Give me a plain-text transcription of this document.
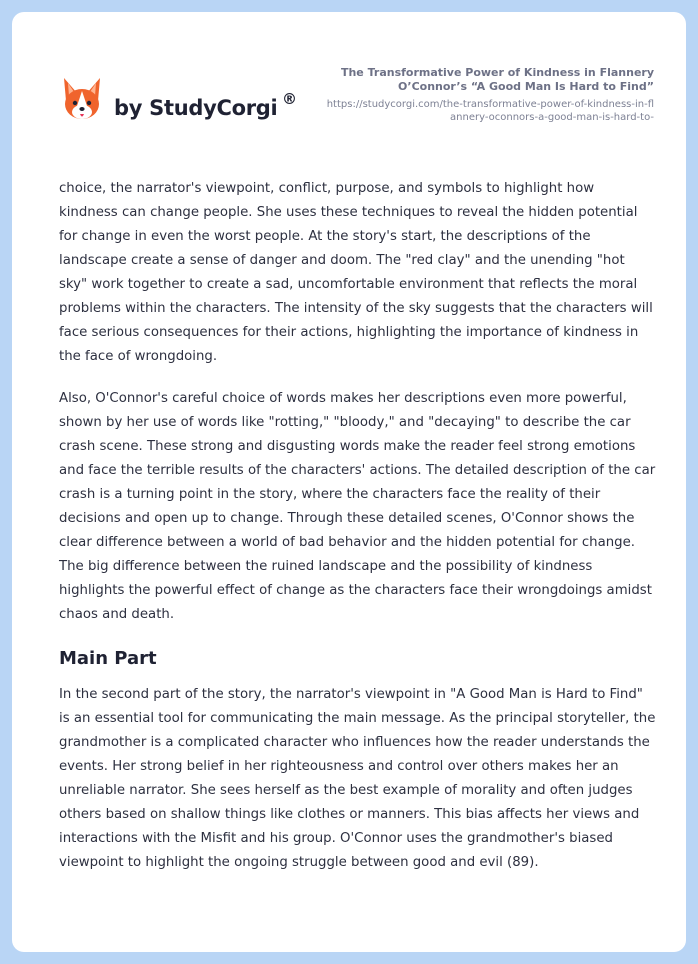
by StudyCorgi ®
The Transformative Power of Kindness in Flannery O’Connor’s “A Good Man Is Hard to Find”
https://studycorgi.com/the-transformative-power-of-kindness-in-flannery-oconnors-a-good-man-is-hard-to-

choice, the narrator's viewpoint, conflict, purpose, and symbols to highlight how kindness can change people. She uses these techniques to reveal the hidden potential for change in even the worst people. At the story's start, the descriptions of the landscape create a sense of danger and doom. The "red clay" and the unending "hot sky" work together to create a sad, uncomfortable environment that reflects the moral problems within the characters. The intensity of the sky suggests that the characters will face serious consequences for their actions, highlighting the importance of kindness in the face of wrongdoing.

Also, O'Connor's careful choice of words makes her descriptions even more powerful, shown by her use of words like "rotting," "bloody," and "decaying" to describe the car crash scene. These strong and disgusting words make the reader feel strong emotions and face the terrible results of the characters' actions. The detailed description of the car crash is a turning point in the story, where the characters face the reality of their decisions and open up to change. Through these detailed scenes, O'Connor shows the clear difference between a world of bad behavior and the hidden potential for change. The big difference between the ruined landscape and the possibility of kindness highlights the powerful effect of change as the characters face their wrongdoings amidst chaos and death.

Main Part

In the second part of the story, the narrator's viewpoint in "A Good Man is Hard to Find" is an essential tool for communicating the main message. As the principal storyteller, the grandmother is a complicated character who influences how the reader understands the events. Her strong belief in her righteousness and control over others makes her an unreliable narrator. She sees herself as the best example of morality and often judges others based on shallow things like clothes or manners. This bias affects her views and interactions with the Misfit and his group. O'Connor uses the grandmother's biased viewpoint to highlight the ongoing struggle between good and evil (89).
